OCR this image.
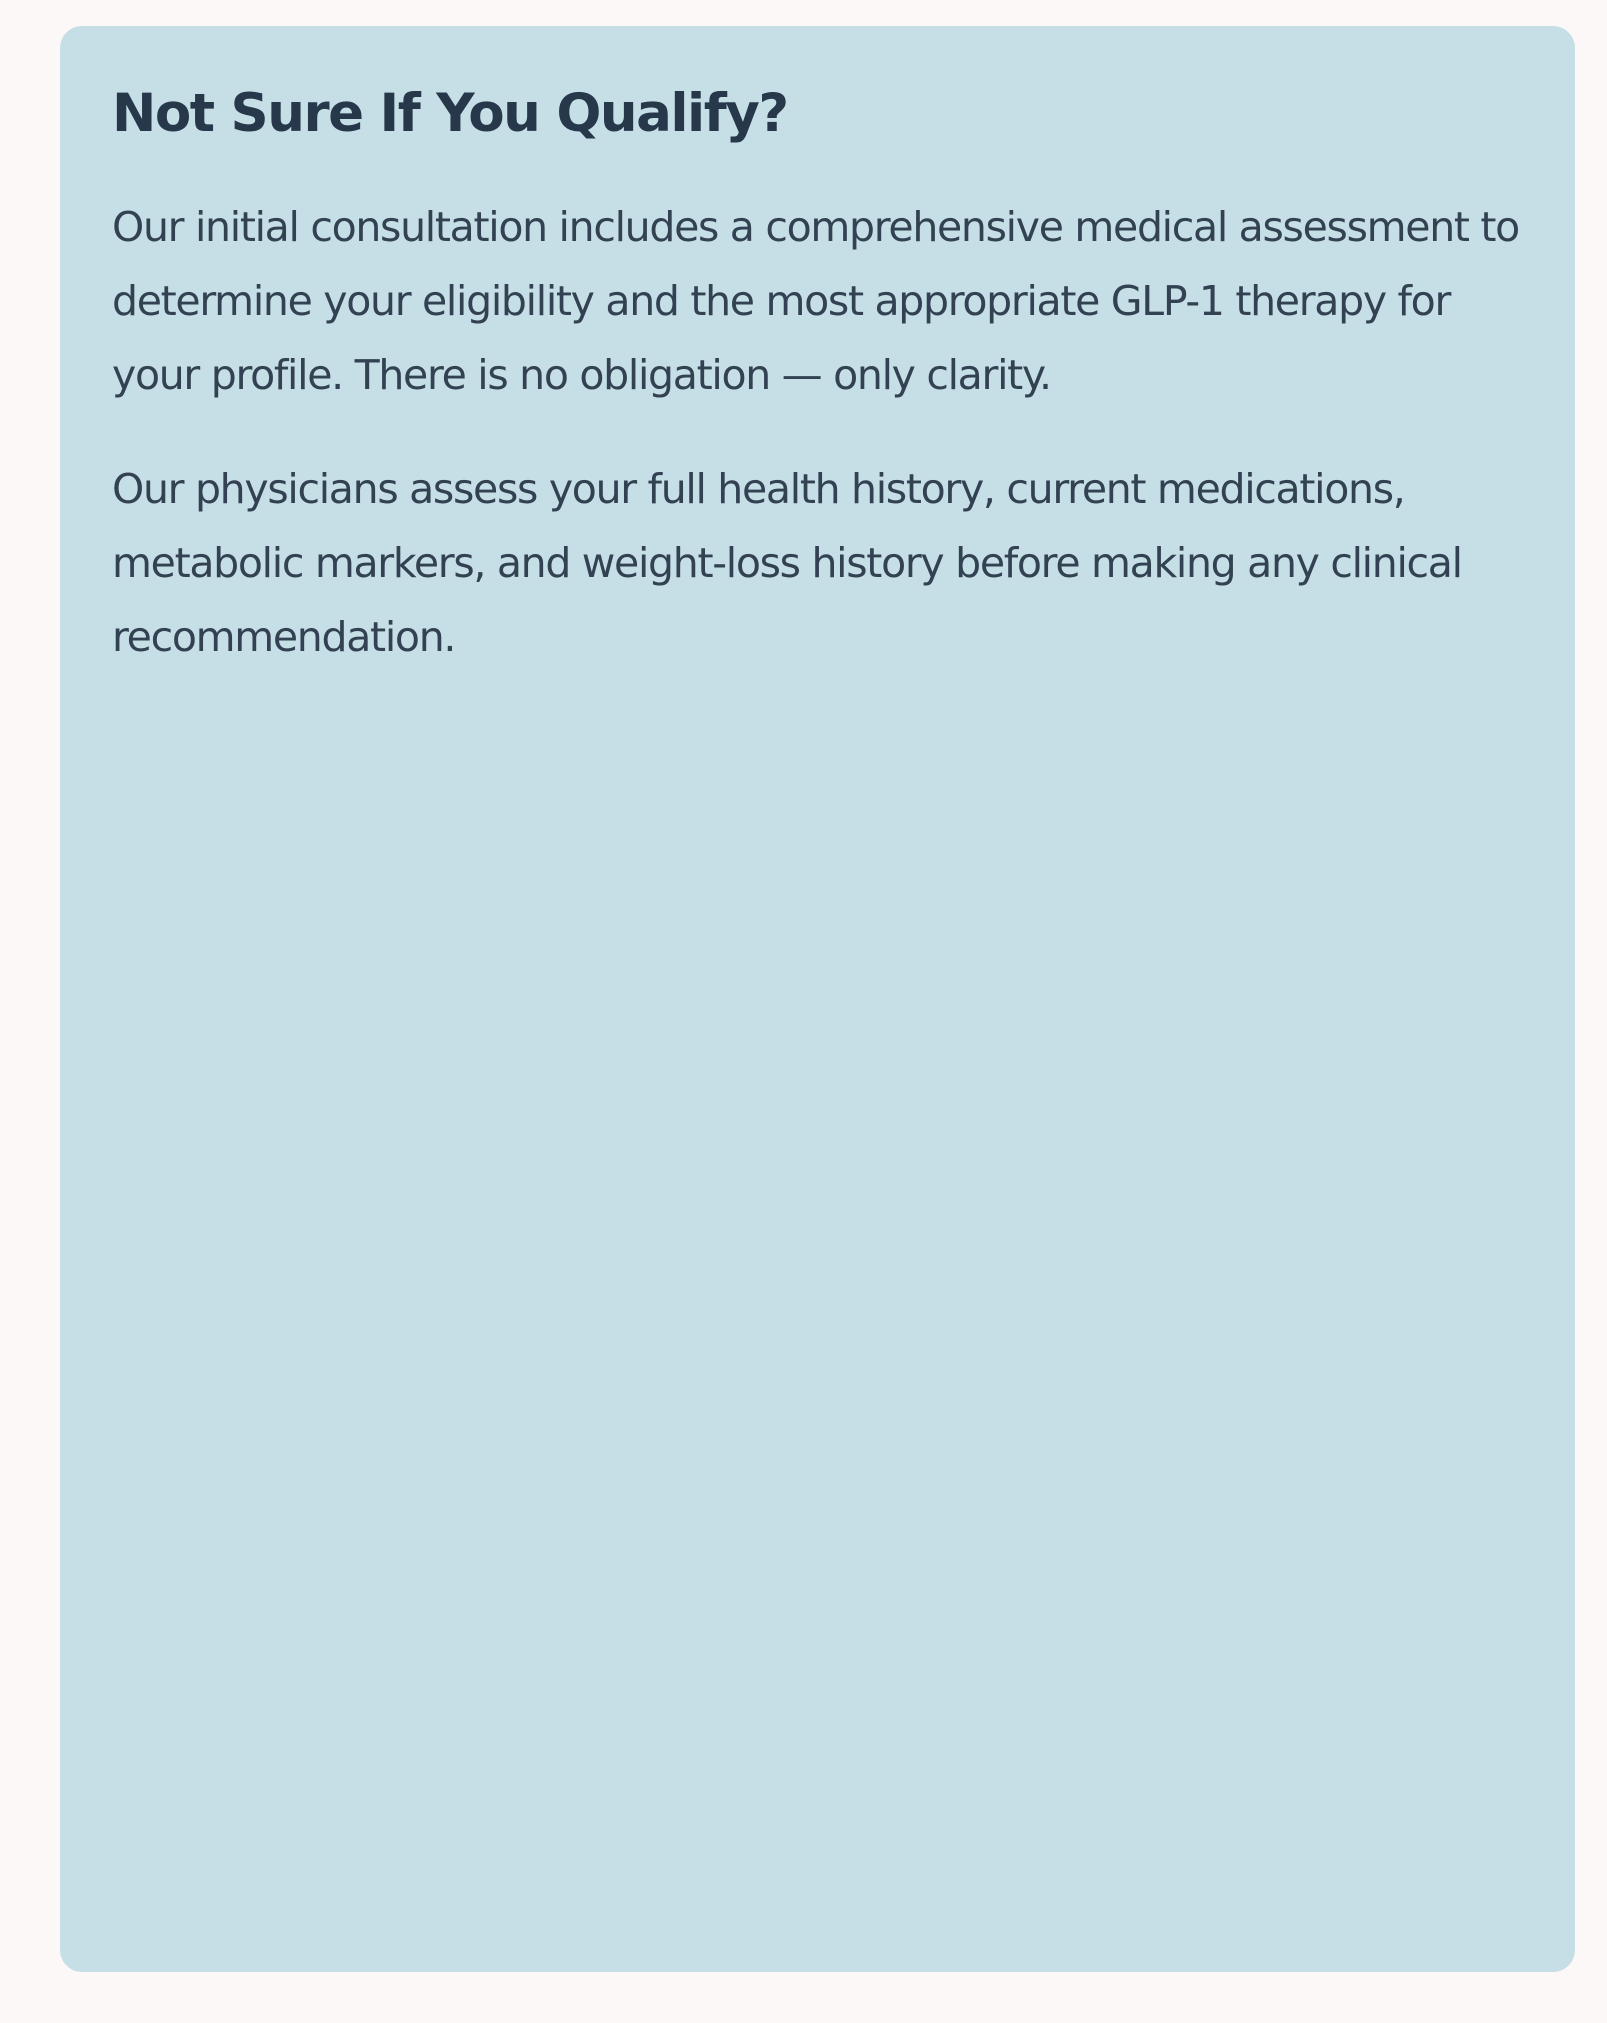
Not Sure If You Qualify?

Our initial consultation includes a comprehensive medical assessment to determine your eligibility and the most appropriate GLP-1 therapy for your profile. There is no obligation — only clarity.

Our physicians assess your full health history, current medications, metabolic markers, and weight-loss history before making any clinical recommendation.
